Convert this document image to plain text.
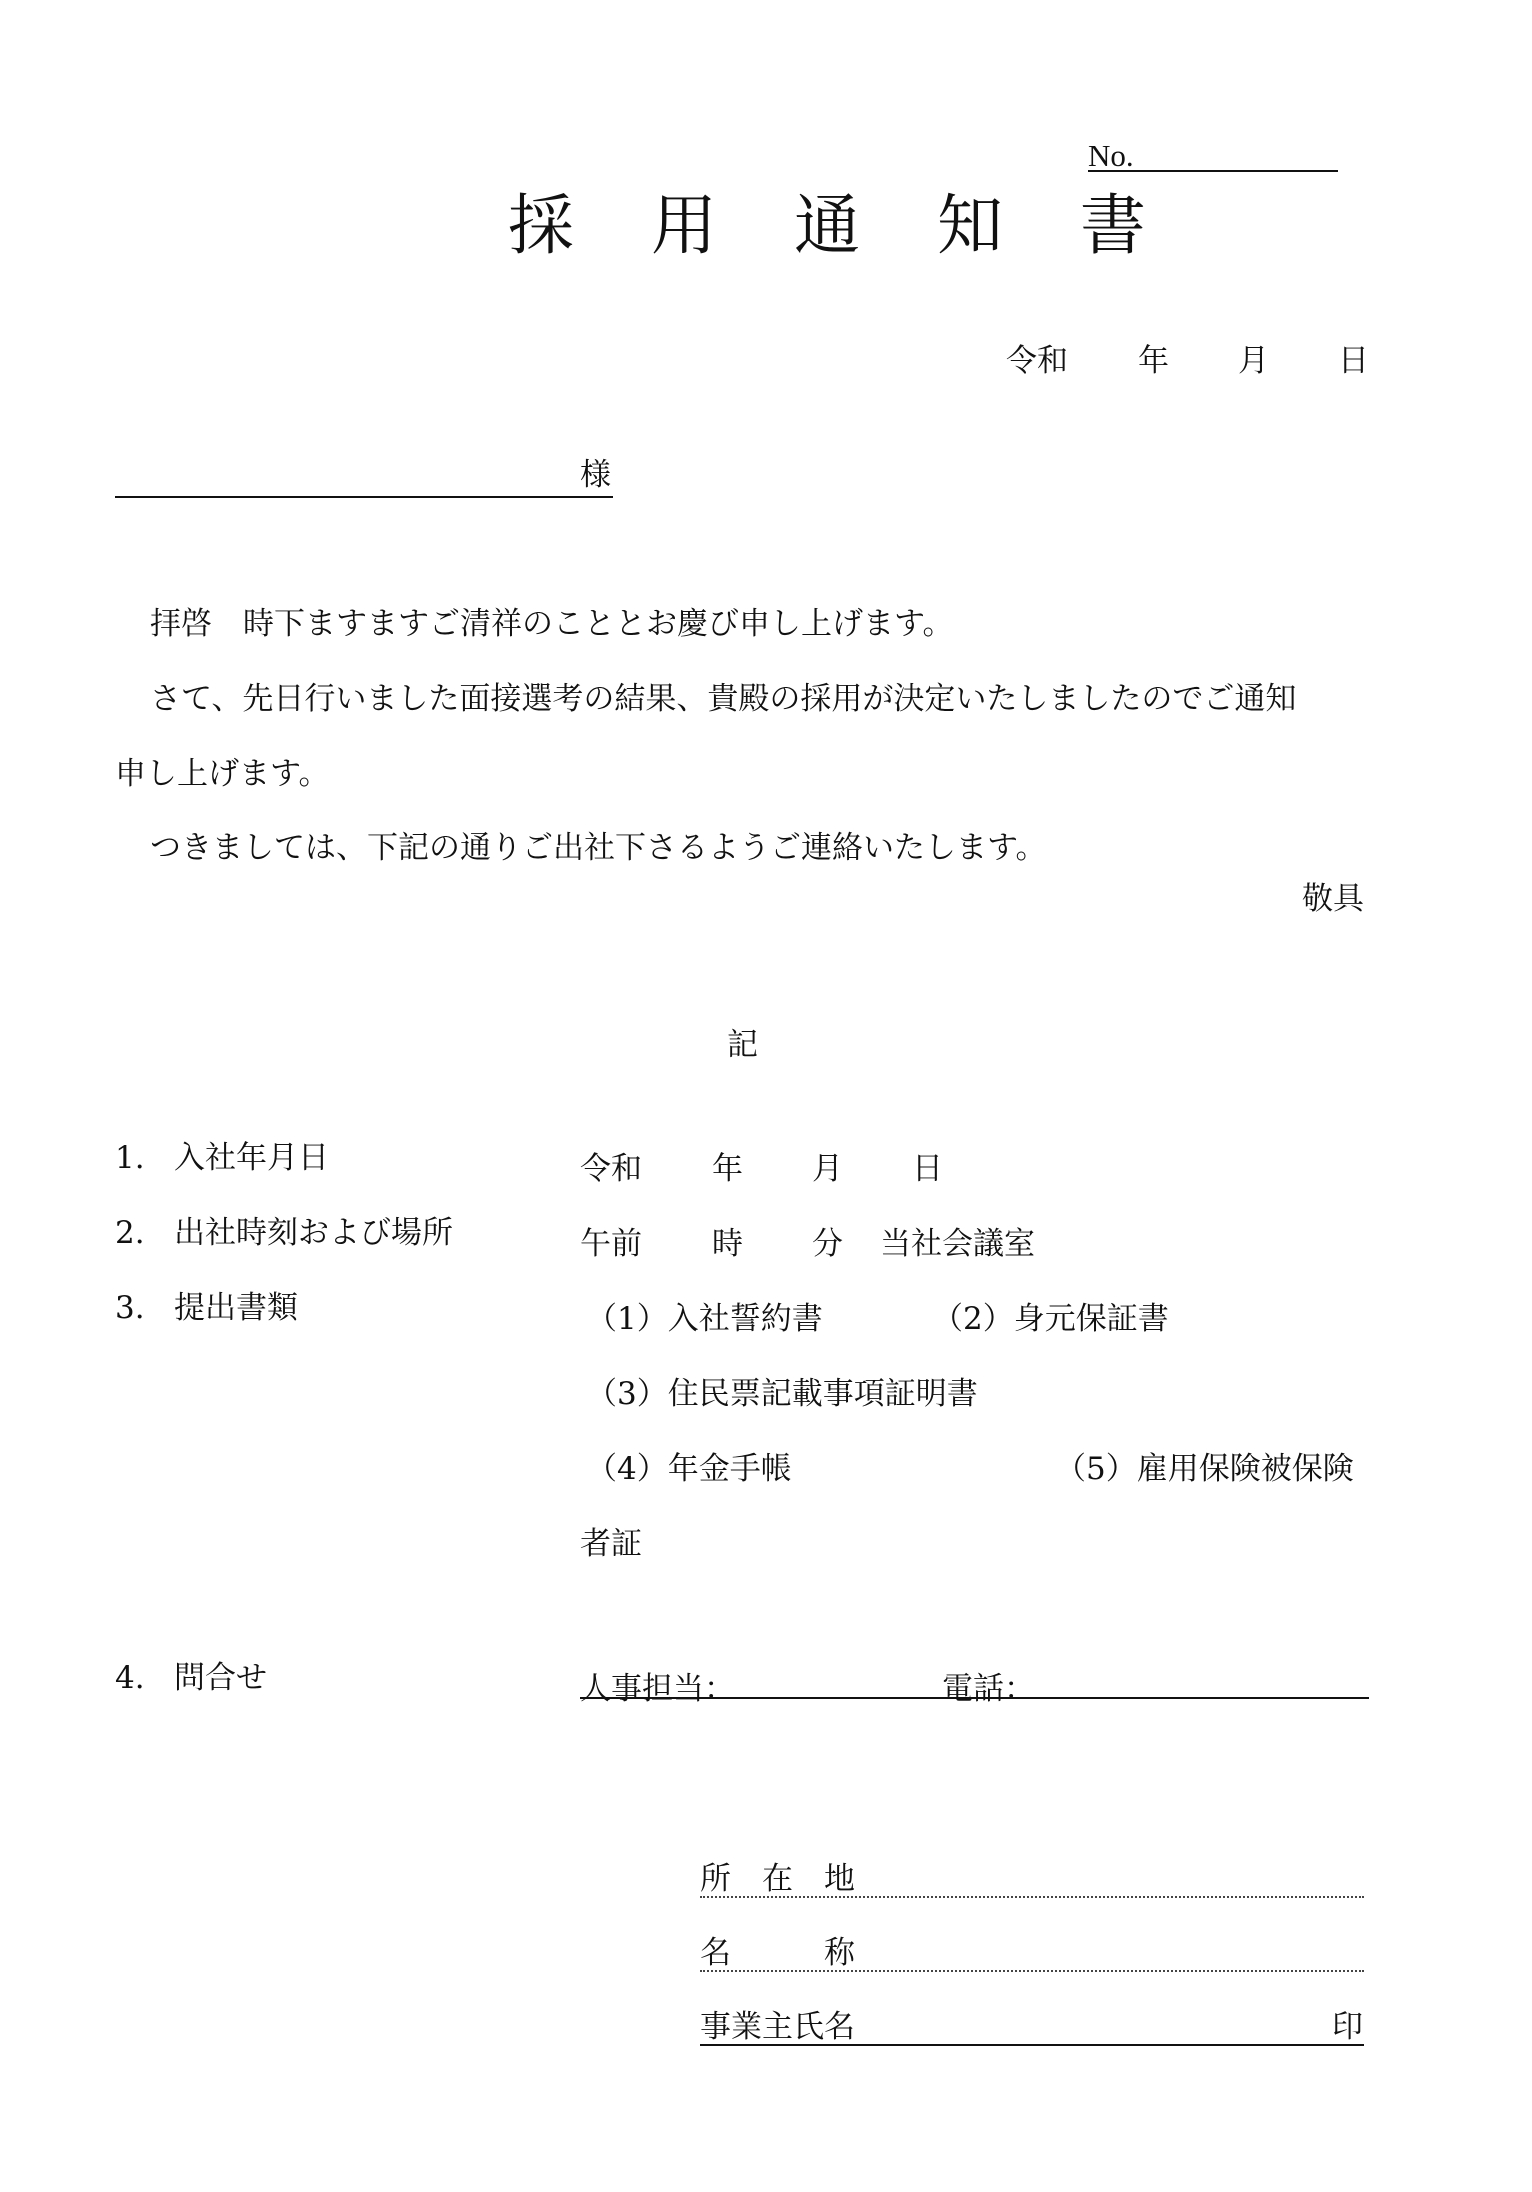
No.
採 用 通 知 書
令和 年 月 日
様
拝啓　時下ますますご清祥のこととお慶び申し上げます。
さて、先日行いました面接選考の結果、貴殿の採用が決定いたしましたのでご通知
申し上げます。
つきましては、下記の通りご出社下さるようご連絡いたします。
敬具
記
1. 入社年月日	令和 年 月 日
2. 出社時刻および場所	午前 時 分 当社会議室
3. 提出書類	（1）入社誓約書	（2）身元保証書
（3）住民票記載事項証明書
（4）年金手帳	（5）雇用保険被保険
者証
4. 問合せ	人事担当：	電話：
所　在　地
名　　　称
事業主氏名	印
